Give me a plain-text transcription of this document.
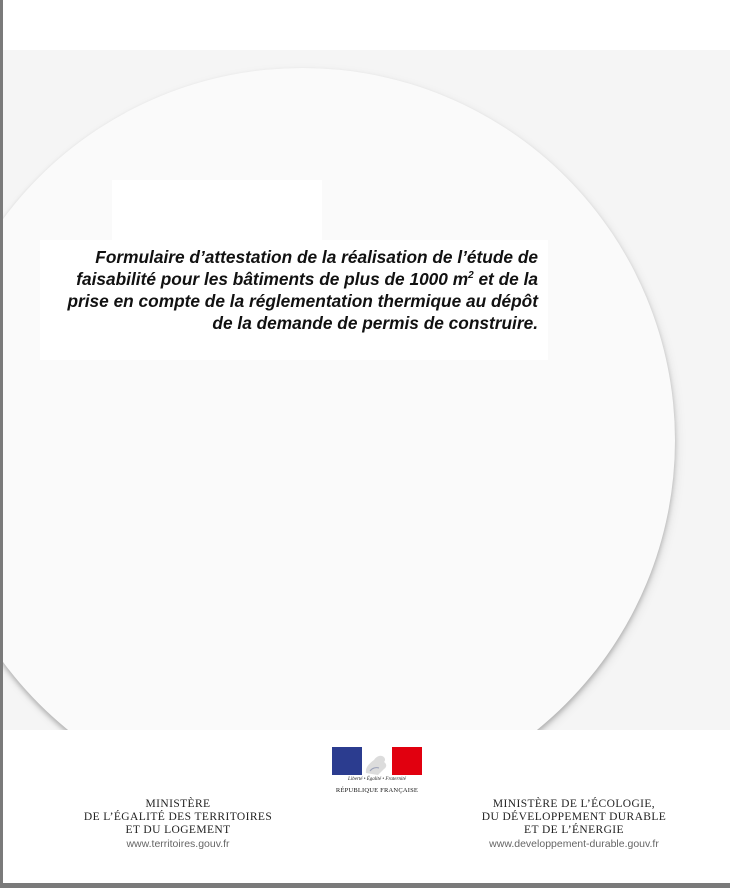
Formulaire d’attestation de la réalisation de l’étude de faisabilité pour les bâtiments de plus de 1000 $m^2$ et de la prise en compte de la réglementation thermique au dépôt de la demande de permis de construire.

Liberté • Égalité • Fraternité
RÉPUBLIQUE FRANÇAISE
MINISTÈRE
DE L’ÉGALITÉ DES TERRITOIRES
ET DU LOGEMENT
www.territoires.gouv.fr
MINISTÈRE DE L’ÉCOLOGIE,
DU DÉVELOPPEMENT DURABLE
ET DE L’ÉNERGIE
www.developpement-durable.gouv.fr
